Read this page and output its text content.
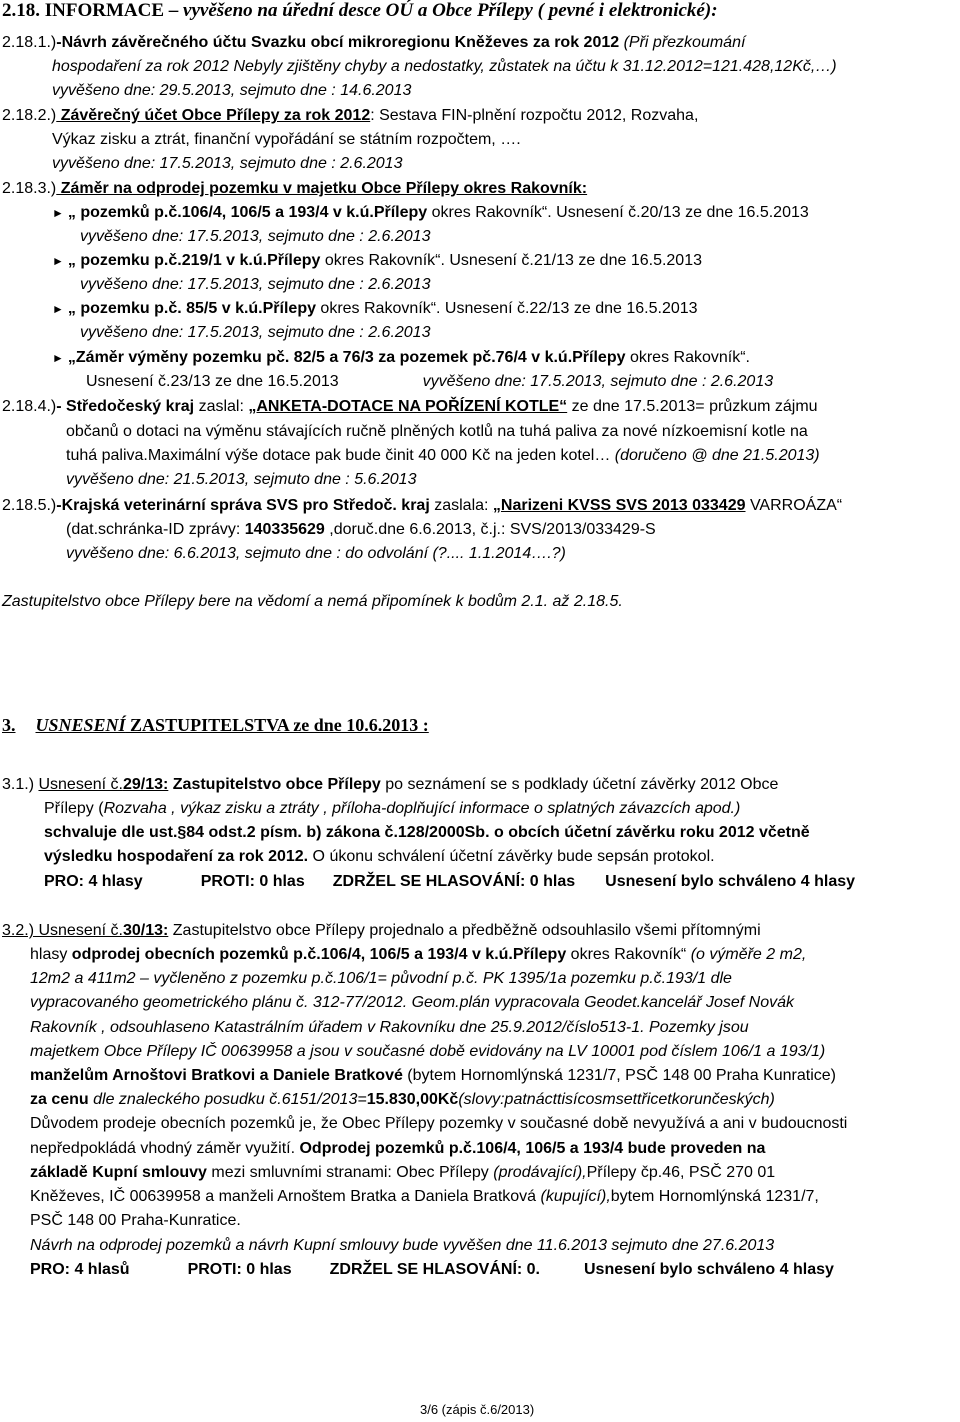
2.18. INFORMACE – vyvěšeno na úřední desce OÚ a Obce Přílepy ( pevné i elektronické):
2.18.1.)-Návrh závěrečného účtu Svazku obcí mikroregionu Kněževes za rok 2012 (Při přezkoumání
hospodaření za rok 2012 Nebyly zjištěny chyby a nedostatky, zůstatek na účtu k 31.12.2012=121.428,12Kč,…)
vyvěšeno dne: 29.5.2013, sejmuto dne : 14.6.2013
2.18.2.) Závěrečný účet Obce Přílepy za rok 2012: Sestava FIN-plnění rozpočtu 2012, Rozvaha,
Výkaz zisku a ztrát, finanční vypořádání se státním rozpočtem, ….
vyvěšeno dne: 17.5.2013, sejmuto dne : 2.6.2013
2.18.3.) Záměr na odprodej pozemku v majetku Obce Přílepy okres Rakovník:
► „ pozemků p.č.106/4, 106/5 a 193/4 v k.ú.Přílepy okres Rakovník“. Usnesení č.20/13 ze dne 16.5.2013
vyvěšeno dne: 17.5.2013, sejmuto dne : 2.6.2013
► „ pozemku p.č.219/1 v k.ú.Přílepy okres Rakovník“. Usnesení č.21/13 ze dne 16.5.2013
vyvěšeno dne: 17.5.2013, sejmuto dne : 2.6.2013
► „ pozemku p.č. 85/5 v k.ú.Přílepy okres Rakovník“. Usnesení č.22/13 ze dne 16.5.2013
vyvěšeno dne: 17.5.2013, sejmuto dne : 2.6.2013
► „Záměr výměny pozemku pč. 82/5 a 76/3 za pozemek pč.76/4 v k.ú.Přílepy okres Rakovník“.
Usnesení č.23/13 ze dne 16.5.2013	vyvěšeno dne: 17.5.2013, sejmuto dne : 2.6.2013
2.18.4.)- Středočeský kraj zaslal: „ANKETA-DOTACE NA POŘÍZENÍ KOTLE“ ze dne 17.5.2013= průzkum zájmu
občanů o dotaci na výměnu stávajících ručně plněných kotlů na tuhá paliva za nové nízkoemisní kotle na
tuhá paliva.Maximální výše dotace pak bude činit 40 000 Kč na jeden kotel… (doručeno @ dne 21.5.2013)
vyvěšeno dne: 21.5.2013, sejmuto dne : 5.6.2013
2.18.5.)-Krajská veterinární správa SVS pro Středoč. kraj zaslala: „Narizeni KVSS SVS 2013 033429 VARROÁZA“
(dat.schránka-ID zprávy: 140335629 ,doruč.dne 6.6.2013, č.j.: SVS/2013/033429-S
vyvěšeno dne: 6.6.2013, sejmuto dne : do odvolání (?.... 1.1.2014….?)
Zastupitelstvo obce Přílepy bere na vědomí a nemá připomínek k bodům 2.1. až 2.18.5.
3. USNESENÍ ZASTUPITELSTVA ze dne 10.6.2013 :
3.1.) Usnesení č.29/13: Zastupitelstvo obce Přílepy po seznámení se s podklady účetní závěrky 2012 Obce
Přílepy (Rozvaha , výkaz zisku a ztráty , příloha-doplňující informace o splatných závazcích apod.)
schvaluje dle ust.§84 odst.2 písm. b) zákona č.128/2000Sb. o obcích účetní závěrku roku 2012 včetně
výsledku hospodaření za rok 2012. O úkonu schválení účetní závěrky bude sepsán protokol.
PRO: 4 hlasy	PROTI: 0 hlas ZDRŽEL SE HLASOVÁNÍ: 0 hlas Usnesení bylo schváleno 4 hlasy
3.2.) Usnesení č.30/13: Zastupitelstvo obce Přílepy projednalo a předběžně odsouhlasilo všemi přítomnými
hlasy odprodej obecních pozemků p.č.106/4, 106/5 a 193/4 v k.ú.Přílepy okres Rakovník“ (o výměře 2 m2,
12m2 a 411m2 – vyčleněno z pozemku p.č.106/1= původní p.č. PK 1395/1a pozemku p.č.193/1 dle
vypracovaného geometrického plánu č. 312-77/2012. Geom.plán vypracovala Geodet.kancelář Josef Novák
Rakovník , odsouhlaseno Katastrálním úřadem v Rakovníku dne 25.9.2012/číslo513-1. Pozemky jsou
majetkem Obce Přílepy IČ 00639958 a jsou v současné době evidovány na LV 10001 pod číslem 106/1 a 193/1)
manželům Arnoštovi Bratkovi a Daniele Bratkové (bytem Hornomlýnská 1231/7, PSČ 148 00 Praha Kunratice)
za cenu dle znaleckého posudku č.6151/2013=15.830,00Kč(slovy:patnácttisícosmsettřicetkorunčeských)
Důvodem prodeje obecních pozemků je, že Obec Přílepy pozemky v současné době nevyužívá a ani v budoucnosti
nepředpokládá vhodný záměr využití. Odprodej pozemků p.č.106/4, 106/5 a 193/4 bude proveden na
základě Kupní smlouvy mezi smluvními stranami: Obec Přílepy (prodávající),Přílepy čp.46, PSČ 270 01
Kněževes, IČ 00639958 a manželi Arnoštem Bratka a Daniela Bratková (kupující),bytem Hornomlýnská 1231/7,
PSČ 148 00 Praha-Kunratice.
Návrh na odprodej pozemků a návrh Kupní smlouvy bude vyvěšen dne 11.6.2013 sejmuto dne 27.6.2013
PRO: 4 hlasů	PROTI: 0 hlas ZDRŽEL SE HLASOVÁNÍ: 0.	Usnesení bylo schváleno 4 hlasy
3/6 (zápis č.6/2013)
